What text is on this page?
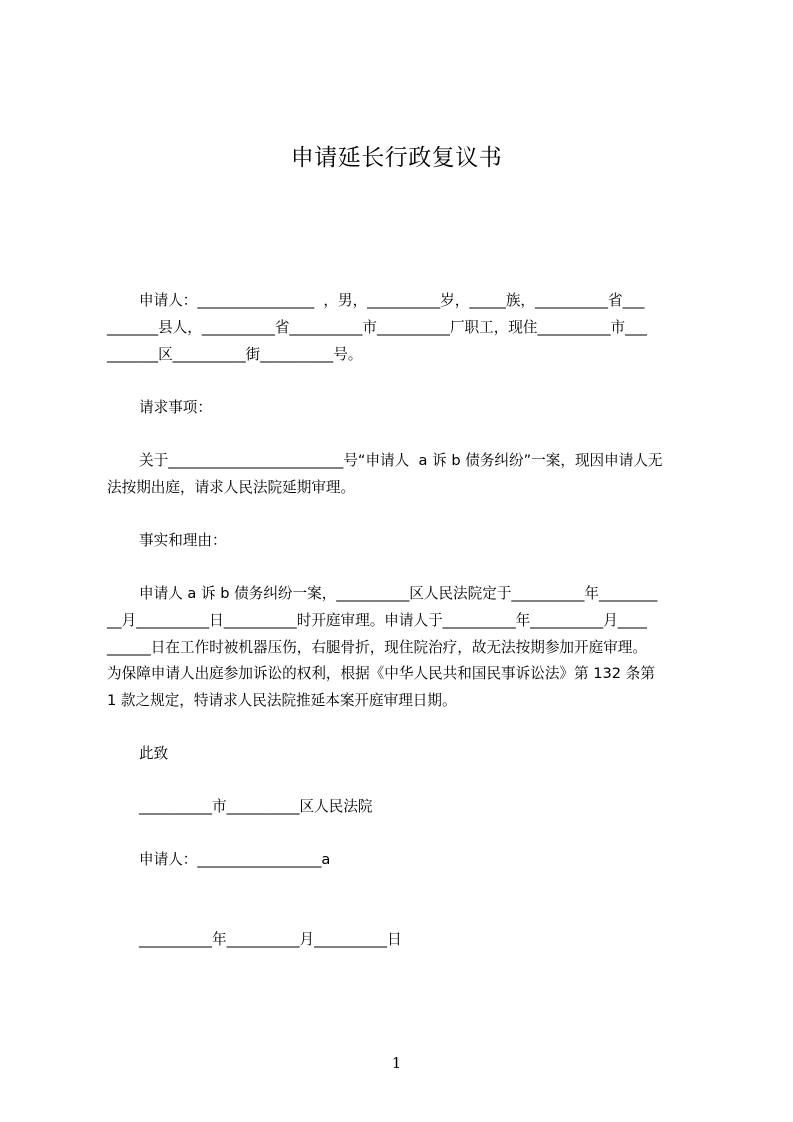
申请延长行政复议书
申请人：________________  ，男，__________岁，_____族，__________省___
_______县人，__________省__________市__________厂职工，现住__________市___
_______区__________街__________号。
请求事项：
关于________________________号“申请人  a 诉 b 债务纠纷”一案，现因申请人无
法按期出庭，请求人民法院延期审理。
事实和理由：
申请人 a 诉 b 债务纠纷一案，__________区人民法院定于__________年________
__月__________日__________时开庭审理。申请人于__________年__________月____
______日在工作时被机器压伤，右腿骨折，现住院治疗，故无法按期参加开庭审理。
为保障申请人出庭参加诉讼的权利，根据《中华人民共和国民事诉讼法》第 132 条第
1 款之规定，特请求人民法院推延本案开庭审理日期。
此致
__________市__________区人民法院
申请人：_________________a
__________年__________月__________日
1
